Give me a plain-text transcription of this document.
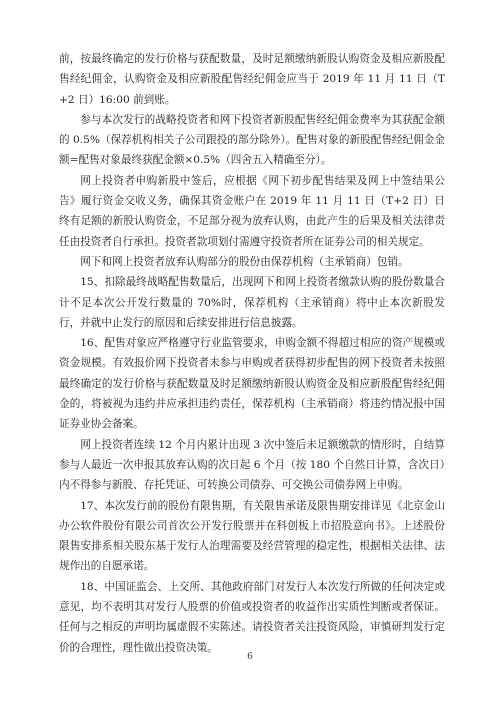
前，按最终确定的发行价格与获配数量，及时足额缴纳新股认购资金及相应新股配售经纪佣金，认购资金及相应新股配售经纪佣金应当于 2019 年 11 月 11 日（T+2 日）16:00 前到账。

参与本次发行的战略投资者和网下投资者新股配售经纪佣金费率为其获配金额的 0.5%（保荐机构相关子公司跟投的部分除外）。配售对象的新股配售经纪佣金金额=配售对象最终获配金额×0.5%（四舍五入精确至分）。

网上投资者申购新股中签后，应根据《网下初步配售结果及网上中签结果公告》履行资金交收义务，确保其资金账户在 2019 年 11 月 11 日（T+2 日）日终有足额的新股认购资金，不足部分视为放弃认购，由此产生的后果及相关法律责任由投资者自行承担。投资者款项划付需遵守投资者所在证券公司的相关规定。

网下和网上投资者放弃认购部分的股份由保荐机构（主承销商）包销。

15、扣除最终战略配售数量后，出现网下和网上投资者缴款认购的股份数量合计不足本次公开发行数量的 70%时，保荐机构（主承销商）将中止本次新股发行，并就中止发行的原因和后续安排进行信息披露。

16、配售对象应严格遵守行业监管要求，申购金额不得超过相应的资产规模或资金规模。有效报价网下投资者未参与申购或者获得初步配售的网下投资者未按照最终确定的发行价格与获配数量及时足额缴纳新股认购资金及相应新股配售经纪佣金的，将被视为违约并应承担违约责任，保荐机构（主承销商）将违约情况报中国证券业协会备案。

网上投资者连续 12 个月内累计出现 3 次中签后未足额缴款的情形时，自结算参与人最近一次申报其放弃认购的次日起 6 个月（按 180 个自然日计算，含次日）内不得参与新股、存托凭证、可转换公司债券、可交换公司债券网上申购。

17、本次发行前的股份有限售期，有关限售承诺及限售期安排详见《北京金山办公软件股份有限公司首次公开发行股票并在科创板上市招股意向书》。上述股份限售安排系相关股东基于发行人治理需要及经营管理的稳定性，根据相关法律、法规作出的自愿承诺。

18、中国证监会、上交所、其他政府部门对发行人本次发行所做的任何决定或意见，均不表明其对发行人股票的价值或投资者的收益作出实质性判断或者保证。任何与之相反的声明均属虚假不实陈述。请投资者关注投资风险，审慎研判发行定价的合理性，理性做出投资决策。

6
